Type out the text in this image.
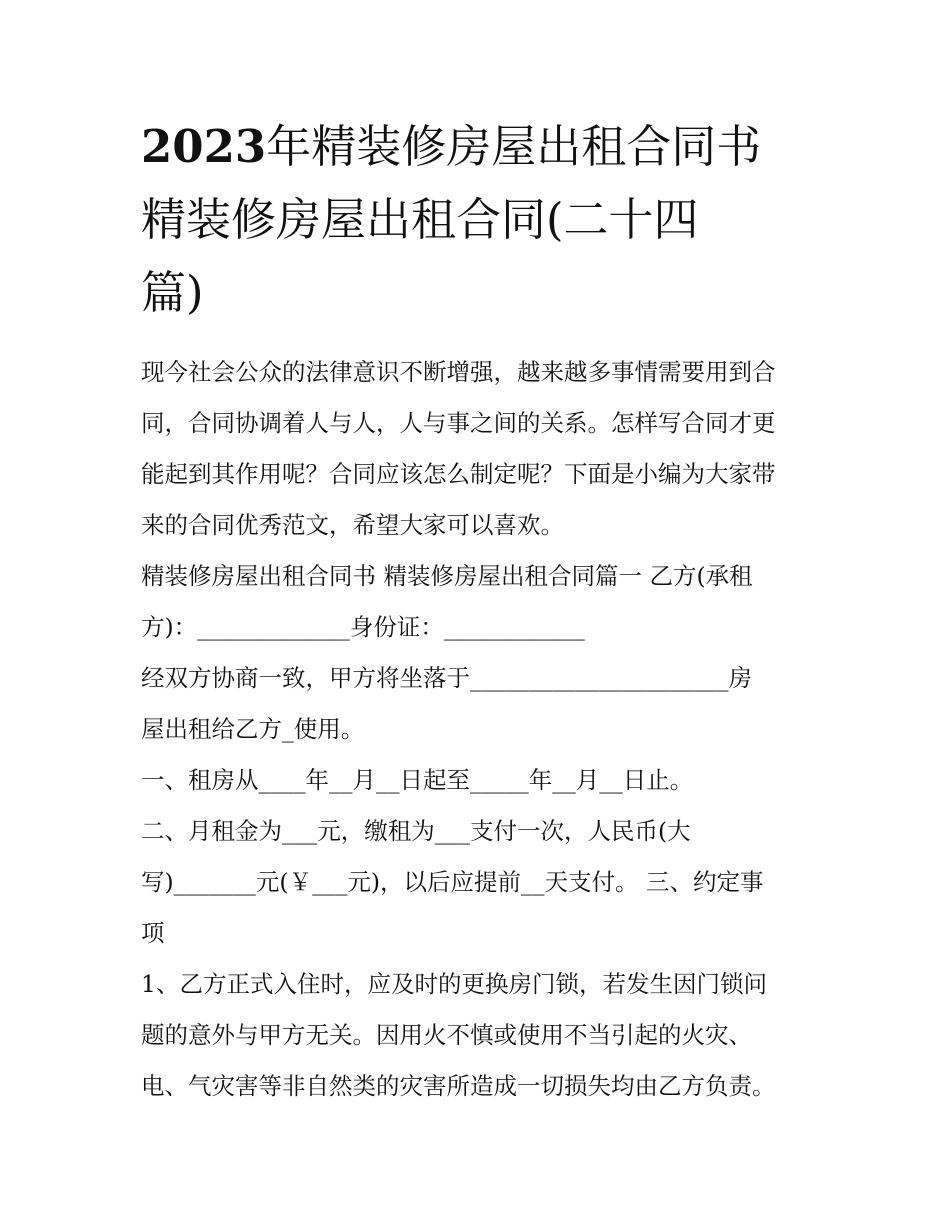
2023年精装修房屋出租合同书
精装修房屋出租合同(二十四
篇)

现今社会公众的法律意识不断增强，越来越多事情需要用到合
同，合同协调着人与人，人与事之间的关系。怎样写合同才更
能起到其作用呢？合同应该怎么制定呢？下面是小编为大家带
来的合同优秀范文，希望大家可以喜欢。

精装修房屋出租合同书 精装修房屋出租合同篇一 乙方(承租
方)：_____________身份证：____________

经双方协商一致，甲方将坐落于______________________房
屋出租给乙方_使用。

一、租房从____年__月__日起至_____年__月__日止。

二、月租金为___元，缴租为___支付一次，人民币(大
写)_______元(￥___元)，以后应提前__天支付。 三、约定事
项

1、乙方正式入住时，应及时的更换房门锁，若发生因门锁问
题的意外与甲方无关。因用火不慎或使用不当引起的火灾、
电、气灾害等非自然类的灾害所造成一切损失均由乙方负责。
